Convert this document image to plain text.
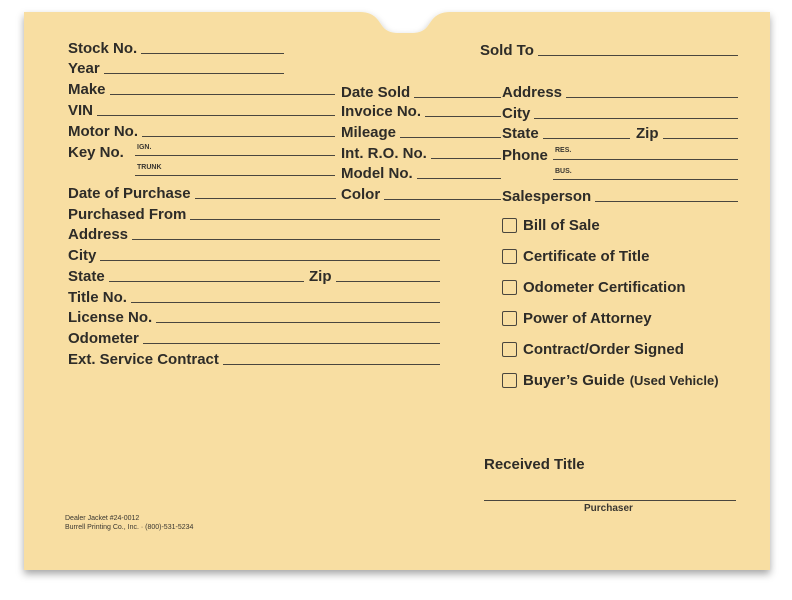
Stock No.
Year
Make
VIN
Motor No.
Key No. IGN.
TRUNK
Date of Purchase
Purchased From
Address
City
State	Zip
Title No.
License No.
Odometer
Ext. Service Contract
Date Sold
Invoice No.
Mileage
Int. R.O. No.
Model No.
Color
Sold To
Address
City
State	Zip
Phone RES.
BUS.
Salesperson
Bill of Sale
Certificate of Title
Odometer Certification
Power of Attorney
Contract/Order Signed
Buyer’s Guide (Used Vehicle)
Received Title
Purchaser
Dealer Jacket #24-0012
Burrell Printing Co., Inc. · (800)-531-5234
